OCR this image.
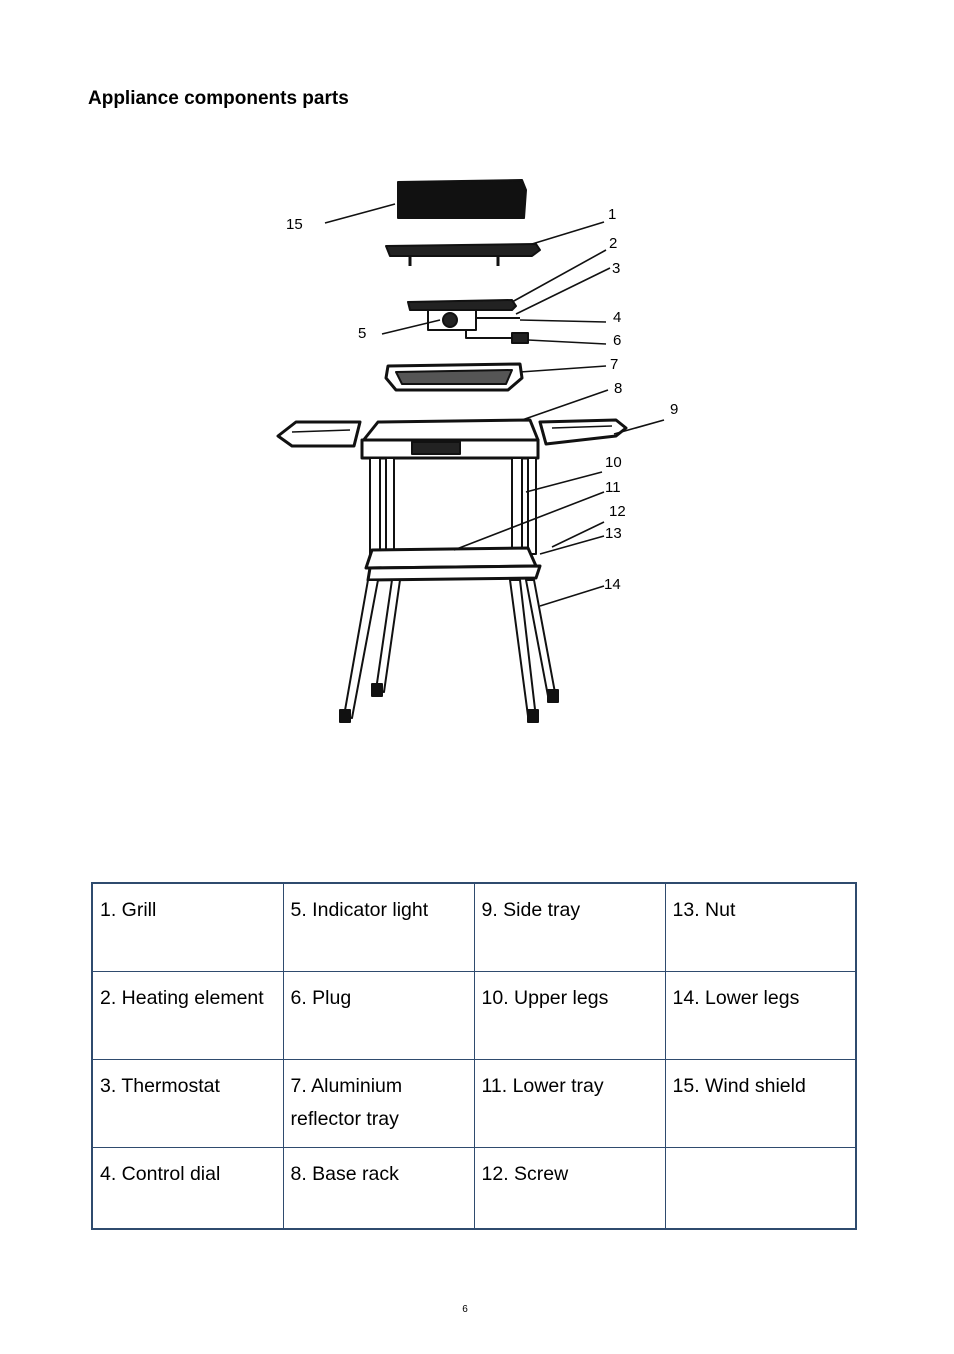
Appliance components parts
1
2
3
4
5	6
7
8
9
10
11
12
13
14
15
1. Grill	5. Indicator light	9. Side tray	13. Nut
2. Heating element	6. Plug	10. Upper legs	14. Lower legs
3. Thermostat	7. Aluminium reflector tray	11. Lower tray	15. Wind shield
4. Control dial	8. Base rack	12. Screw	
6
